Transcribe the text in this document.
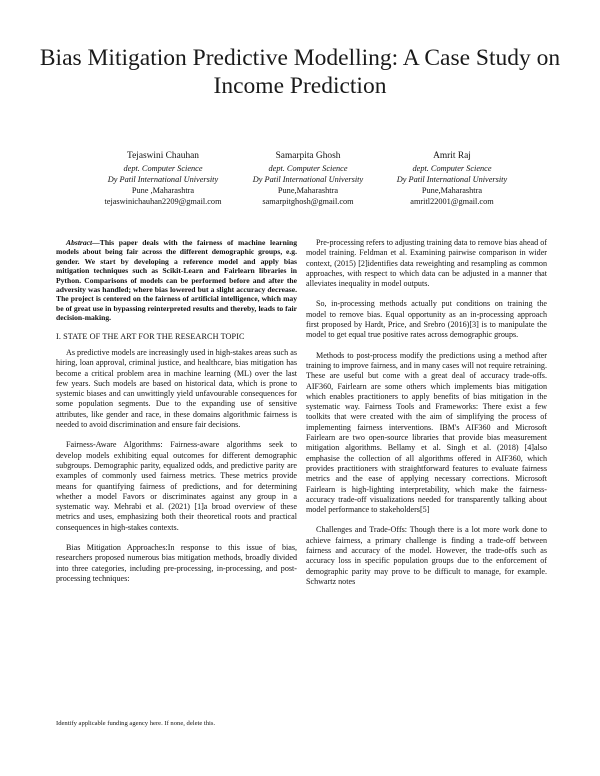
Bias Mitigation Predictive Modelling: A Case Study on Income Prediction
Tejaswini Chauhan
dept. Computer Science
Dy Patil International University
Pune ,Maharashtra
tejaswinichauhan2209@gmail.com
Samarpita Ghosh
dept. Computer Science
Dy Patil International University
Pune,Maharashtra
samarpitghosh@gmail.com
Amrit Raj
dept. Computer Science
Dy Patil International University
Pune,Maharashtra
amritl22001@gmail.com

Abstract—This paper deals with the fairness of machine learning models about being fair across the different demographic groups, e.g. gender. We start by developing a reference model and apply bias mitigation techniques such as Scikit-Learn and Fairlearn libraries in Python. Comparisons of models can be performed before and after the adversity was handled; where bias lowered but a slight accuracy decrease. The project is centered on the fairness of artificial intelligence, which may be of great use in bypassing reinterpreted results and thereby, leads to fair decision-making.

I. STATE OF THE ART FOR THE RESEARCH TOPIC

As predictive models are increasingly used in high-stakes areas such as hiring, loan approval, criminal justice, and healthcare, bias mitigation has become a critical problem area in machine learning (ML) over the last few years. Such models are based on historical data, which is prone to systemic biases and can unwittingly yield unfavourable consequences for some population segments. Due to the expanding use of sensitive attributes, like gender and race, in these domains algorithmic fairness is needed to avoid discrimination and ensure fair decisions.

Fairness-Aware Algorithms: Fairness-aware algorithms seek to develop models exhibiting equal outcomes for different demographic subgroups. Demographic parity, equalized odds, and predictive parity are examples of commonly used fairness metrics. These metrics provide means for quantifying fairness of predictions, and for determining whether a model Favors or discriminates against any group in a systematic way. Mehrabi et al. (2021) [1]a broad overview of these metrics and uses, emphasizing both their theoretical roots and practical consequences in high-stakes contexts.

Bias Mitigation Approaches:In response to this issue of bias, researchers proposed numerous bias mitigation methods, broadly divided into three categories, including pre-processing, in-processing, and post-processing techniques:

Pre-processing refers to adjusting training data to remove bias ahead of model training. Feldman et al. Examining pairwise comparison in wider context, (2015) [2]identifies data reweighting and resampling as common approaches, with respect to which data can be adjusted in a manner that alleviates inequality in model outputs.

So, in-processing methods actually put conditions on training the model to remove bias. Equal opportunity as an in-processing approach first proposed by Hardt, Price, and Srebro (2016)[3] is to manipulate the model to get equal true positive rates across demographic groups.

Methods to post-process modify the predictions using a method after training to improve fairness, and in many cases will not require retraining. These are useful but come with a great deal of accuracy trade-offs. AIF360, Fairlearn are some others which implements bias mitigation which enables practitioners to apply benefits of bias mitigation in the systematic way. Fairness Tools and Frameworks: There exist a few toolkits that were created with the aim of simplifying the process of implementing fairness interventions. IBM's AIF360 and Microsoft Fairlearn are two open-source libraries that provide bias measurement mitigation algorithms. Bellamy et al. Singh et al. (2018) [4]also emphasise the collection of all algorithms offered in AIF360, which provides practitioners with straightforward features to evaluate fairness metrics and the ease of applying necessary corrections. Microsoft Fairlearn is high-lighting interpretability, which make the fairness-accuracy trade-off visualizations needed for transparently talking about model performance to stakeholders[5]

Challenges and Trade-Offs: Though there is a lot more work done to achieve fairness, a primary challenge is finding a trade-off between fairness and accuracy of the model. However, the trade-offs such as accuracy loss in specific population groups due to the enforcement of demographic parity may prove to be difficult to manage, for example. Schwartz notes

Identify applicable funding agency here. If none, delete this.
